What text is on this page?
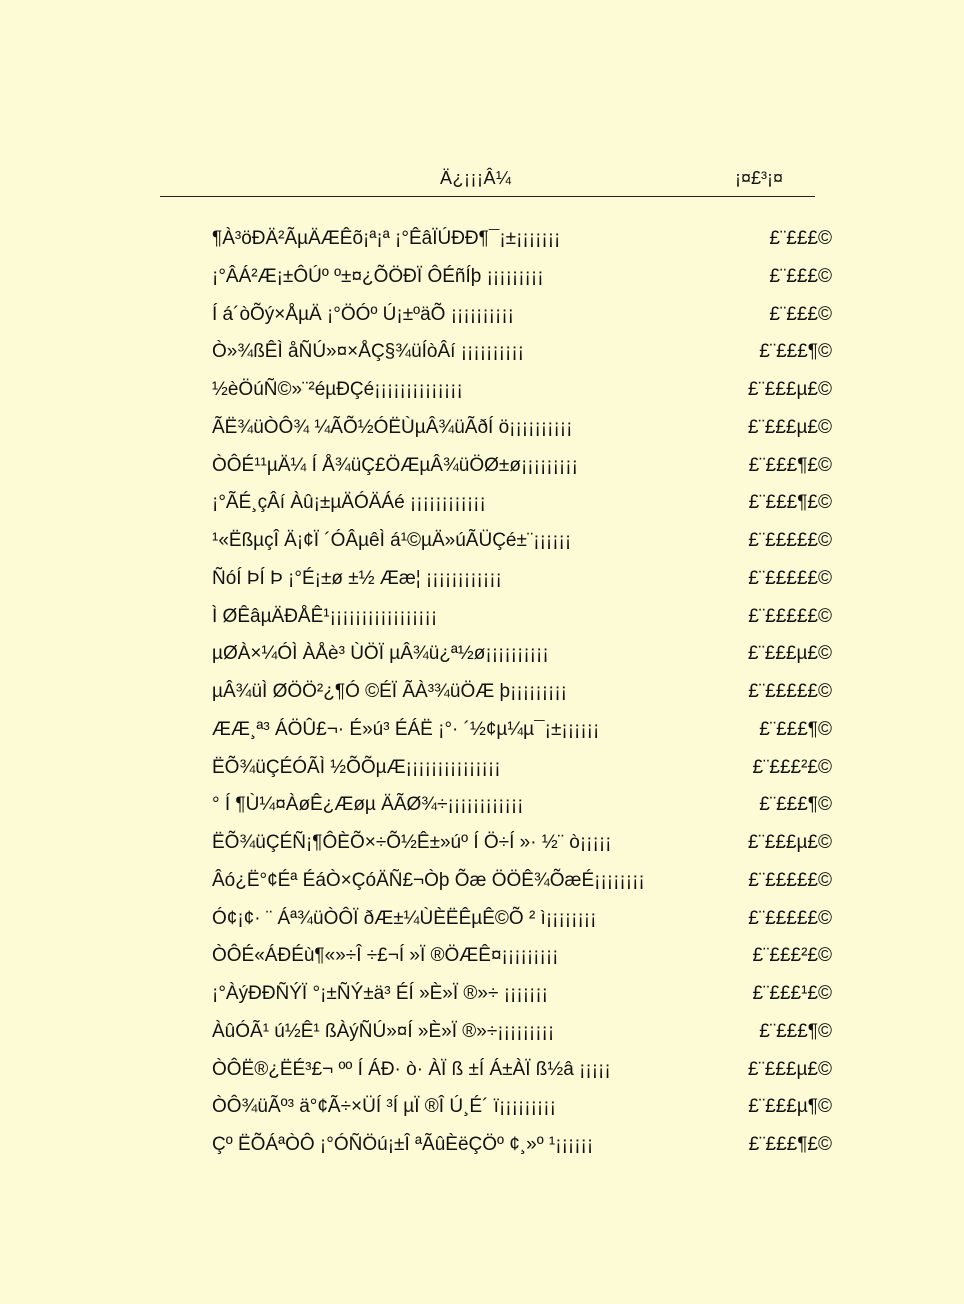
Ä¿¡¡¡Â¼	¡¤£³¡¤
¶À³öÐÄ²ÃµÄÆÊõ¡ª¡ª ¡°ÊâÏÚÐÐ¶¯¡±¡¡¡¡¡¡¡	£¨£££©
¡°ÂÁ²Æ¡±ÔÚº º±¤¿ÕÖÐÏ ÔÉñÍþ ¡¡¡¡¡¡¡¡¡	£¨£££©
Í á´òÕý×ÅµÄ ¡°ÖÓº Ú¡±ºäÕ ¡¡¡¡¡¡¡¡¡¡	£¨£££©
Ò»¾ßÊÌ åÑÚ»¤×ÅÇ§¾üÍòÂí ¡¡¡¡¡¡¡¡¡¡	£¨£££¶©
½èÖúÑ©»¨²éµÐÇé¡¡¡¡¡¡¡¡¡¡¡¡¡¡	£¨£££µ£©
ÃË¾üÒÔ¾ ¼ÃÕ½ÓËÙµÂ¾üÃðÍ ö¡¡¡¡¡¡¡¡¡¡	£¨£££µ£©
ÒÔÉ¹¹µÄ¼ Í Å¾üÇ£ÖÆµÂ¾üÖØ±ø¡¡¡¡¡¡¡¡¡	£¨£££¶£©
¡°ÃÉ¸çÂí Àû¡±µÄÓÄÁé ¡¡¡¡¡¡¡¡¡¡¡¡	£¨£££¶£©
¹«ËßµçÎ Ä¡¢Ï ´ÓÂµêÌ á¹©µÄ»úÃÜÇé±¨¡¡¡¡¡¡	£¨£££££©
ÑóÍ ÞÍ Þ ¡°É¡±ø ±½ Ææ¦ ¡¡¡¡¡¡¡¡¡¡¡¡	£¨£££££©
Ì ØÊâµÄÐÅÊ¹¡¡¡¡¡¡¡¡¡¡¡¡¡¡¡¡¡	£¨£££££©
µØÀ×¼ÓÌ ÀÅè³ ÙÖÏ µÂ¾ü¿ª½ø¡¡¡¡¡¡¡¡¡¡	£¨£££µ£©
µÂ¾üÌ ØÖÖ²¿¶Ó ©ÉÏ ÃÀ³¾üÖÆ þ¡¡¡¡¡¡¡¡¡	£¨£££££©
ÆÆ¸ª³ ÁÖÛ£¬· É»ú³ ÉÁË ¡°· ´½¢µ¼µ¯¡±¡¡¡¡¡¡	£¨£££¶©
ËÕ¾üÇÉÓÃÌ ½ÕÕµÆ¡¡¡¡¡¡¡¡¡¡¡¡¡¡¡	£¨£££²£©
° Í ¶Ù¼¤ÀøÊ¿Æøµ ÄÃØ¾÷¡¡¡¡¡¡¡¡¡¡¡¡	£¨£££¶©
ËÕ¾üÇÉÑ¡¶ÔÈÕ×÷Õ½Ê±»úº Í Ö÷Í »· ½¨ ò¡¡¡¡¡	£¨£££µ£©
Âó¿Ë°¢Éª ÉáÒ×ÇóÄÑ£¬Òþ Õæ ÖÖÊ¾ÕæÉ¡¡¡¡¡¡¡¡	£¨£££££©
Ó¢¡¢· ¨ Áª¾üÒÔÏ ðÆ±¼ÙÈËÊµÊ©Õ ² ì¡¡¡¡¡¡¡¡	£¨£££££©
ÒÔÉ«ÁÐÉù¶«»÷Î ÷£¬Í »Ï ®ÖÆÊ¤¡¡¡¡¡¡¡¡¡	£¨£££²£©
¡°ÀýÐÐÑÝÏ °¡±ÑÝ±ä³ ÉÍ »È»Ï ®»÷ ¡¡¡¡¡¡¡	£¨£££¹£©
ÀûÓÃ¹ ú½Ê¹ ßÀýÑÚ»¤Í »È»Ï ®»÷¡¡¡¡¡¡¡¡¡	£¨£££¶©
ÒÔË®¿ËÉ³£¬ ºº Í ÁÐ· ò· ÀÏ ß ±Í Á±ÀÏ ß½â ¡¡¡¡¡	£¨£££µ£©
ÒÔ¾üÃº³ ä°¢Ã÷×ÜÍ ³Í µÏ ®Î Ú¸É´ ï¡¡¡¡¡¡¡¡¡	£¨£££µ¶©
Çº ËÕÁªÒÔ ¡°ÓÑÖú¡±Î ªÃûÈëÇÖº ¢¸»º ¹¡¡¡¡¡¡	£¨£££¶£©
